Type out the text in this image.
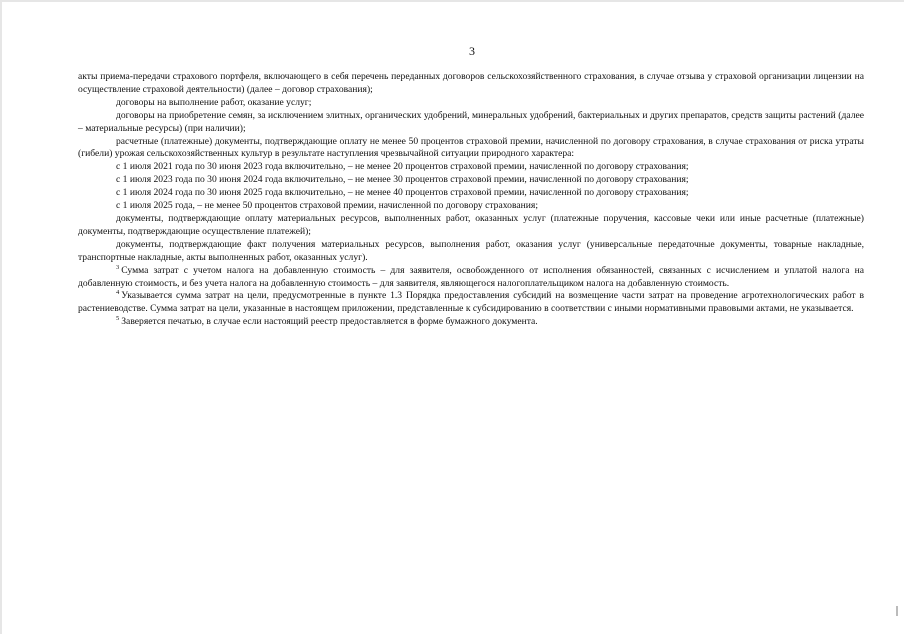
3

акты приема-передачи страхового портфеля, включающего в себя перечень переданных договоров сельскохозяйственного страхования, в случае отзыва у страховой организации лицензии на осуществление страховой деятельности) (далее – договор страхования);

договоры на выполнение работ, оказание услуг;

договоры на приобретение семян, за исключением элитных, органических удобрений, минеральных удобрений, бактериальных и других препаратов, средств защиты растений (далее – материальные ресурсы) (при наличии);

расчетные (платежные) документы, подтверждающие оплату не менее 50 процентов страховой премии, начисленной по договору страхования, в случае страхования от риска утраты (гибели) урожая сельскохозяйственных культур в результате наступления чрезвычайной ситуации природного характера:

с 1 июля 2021 года по 30 июня 2023 года включительно, – не менее 20 процентов страховой премии, начисленной по договору страхования;

с 1 июля 2023 года по 30 июня 2024 года включительно, – не менее 30 процентов страховой премии, начисленной по договору страхования;

с 1 июля 2024 года по 30 июня 2025 года включительно, – не менее 40 процентов страховой премии, начисленной по договору страхования;

с 1 июля 2025 года, – не менее 50 процентов страховой премии, начисленной по договору страхования;

документы, подтверждающие оплату материальных ресурсов, выполненных работ, оказанных услуг (платежные поручения, кассовые чеки или иные расчетные (платежные) документы, подтверждающие осуществление платежей);

документы, подтверждающие факт получения материальных ресурсов, выполнения работ, оказания услуг (универсальные передаточные документы, товарные накладные, транспортные накладные, акты выполненных работ, оказанных услуг).

$^3$ Сумма затрат с учетом налога на добавленную стоимость – для заявителя, освобожденного от исполнения обязанностей, связанных с исчислением и уплатой налога на добавленную стоимость, и без учета налога на добавленную стоимость – для заявителя, являющегося налогоплательщиком налога на добавленную стоимость.

$^4$ Указывается сумма затрат на цели, предусмотренные в пункте 1.3 Порядка предоставления субсидий на возмещение части затрат на проведение агротехнологических работ в растениеводстве. Сумма затрат на цели, указанные в настоящем приложении, представленные к субсидированию в соответствии с иными нормативными правовыми актами, не указывается.

$^5$ Заверяется печатью, в случае если настоящий реестр предоставляется в форме бумажного документа.
